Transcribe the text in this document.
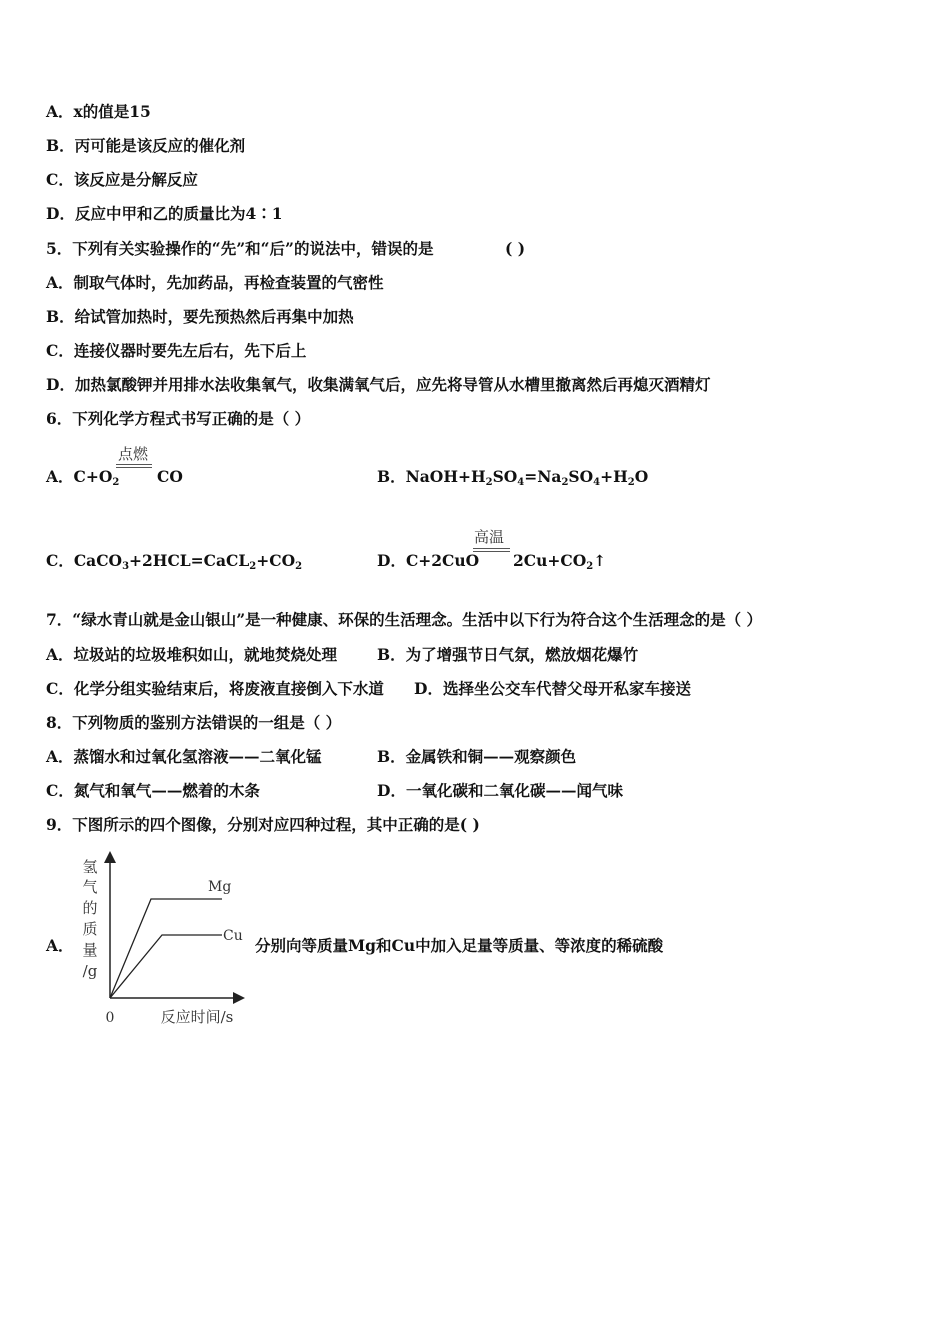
A．x的值是15
B．丙可能是该反应的催化剂
C．该反应是分解反应
D．反应中甲和乙的质量比为4∶1
5．下列有关实验操作的“先”和“后”的说法中，错误的是	( )
A．制取气体时，先加药品，再检查装置的气密性
B．给试管加热时，要先预热然后再集中加热
C．连接仪器时要先左后右，先下后上
D．加热氯酸钾并用排水法收集氧气，收集满氧气后，应先将导管从水槽里撤离然后再熄灭酒精灯
6．下列化学方程式书写正确的是（ ）
A．$C+O_2$
点燃
CO	B．$NaOH+H_2SO_4=Na_2SO_4+H_2O$
C．$CaCO_3+2HCL=CaCL_2+CO_2$	D．C+2CuO
高温
$2Cu+CO_2↑$
7．“绿水青山就是金山银山”是一种健康、环保的生活理念。生活中以下行为符合这个生活理念的是（ ）
A．垃圾站的垃圾堆积如山，就地焚烧处理	B．为了增强节日气氛，燃放烟花爆竹
C．化学分组实验结束后，将废液直接倒入下水道 D．选择坐公交车代替父母开私家车接送
8．下列物质的鉴别方法错误的一组是（ ）
A．蒸馏水和过氧化氢溶液——二氧化锰	B．金属铁和铜——观察颜色
C．氮气和氧气——燃着的木条	D．一氧化碳和二氧化碳——闻气味
9．下图所示的四个图像，分别对应四种过程，其中正确的是( )
A．	分别向等质量Mg和Cu中加入足量等质量、等浓度的稀硫酸
氢
气
的
质
量
/g
0	反应时间/s
Mg
Cu
